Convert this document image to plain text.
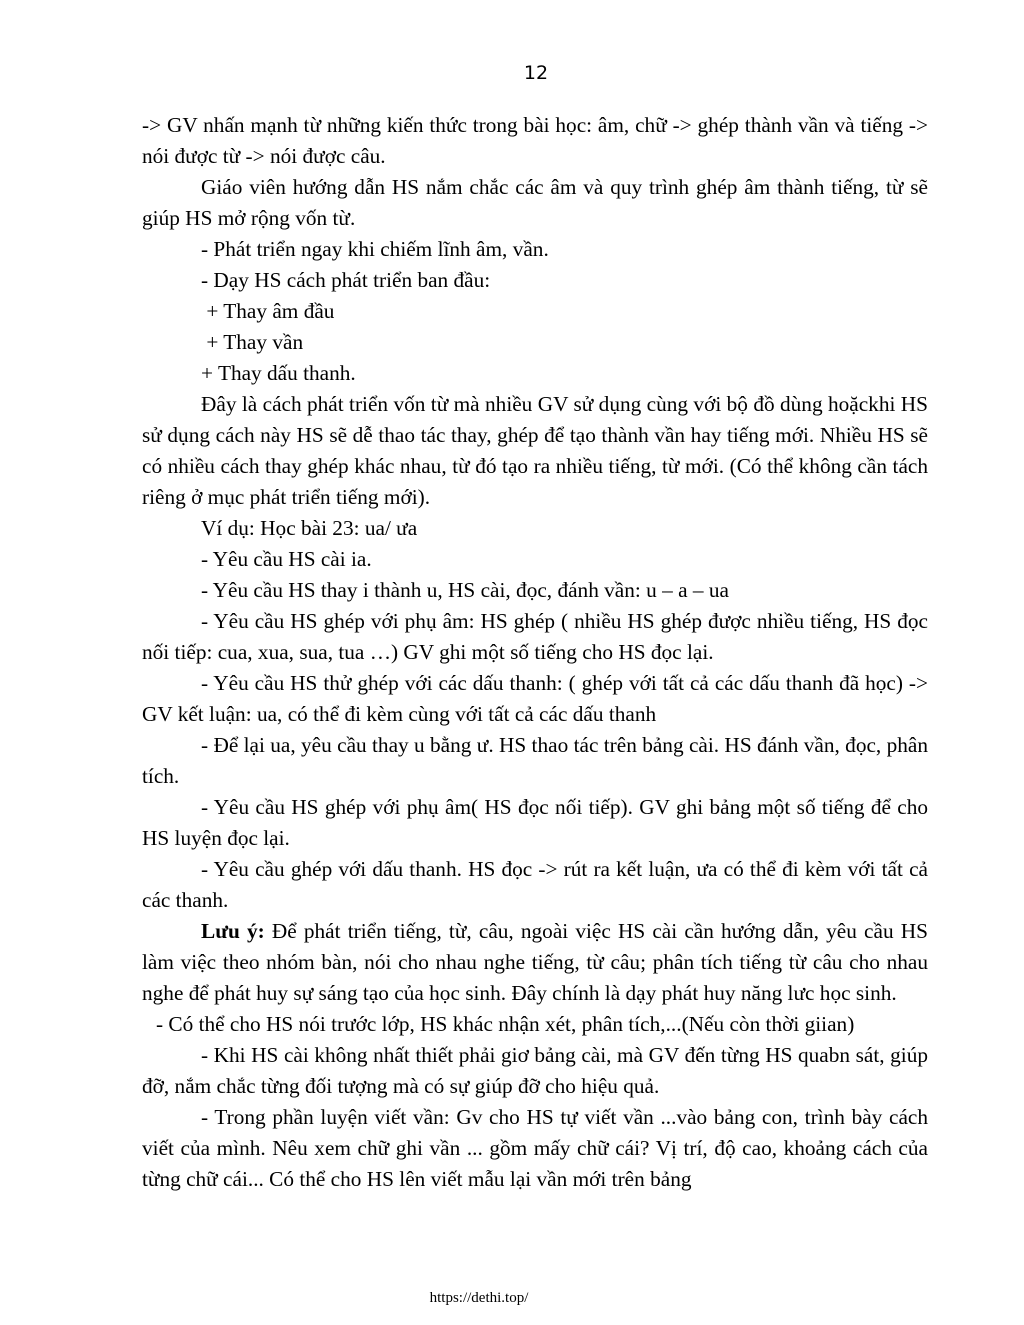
12

-> GV nhấn mạnh từ những kiến thức trong bài học: âm, chữ -> ghép thành vần và tiếng -> nói được từ -> nói được câu.

Giáo viên hướng dẫn HS nắm chắc các âm và quy trình ghép âm thành tiếng, từ sẽ giúp HS mở rộng vốn từ.

- Phát triển ngay khi chiếm lĩnh âm, vần.

- Dạy HS cách phát triển ban đầu:

+ Thay âm đầu

+ Thay vần

+ Thay dấu thanh.

Đây là cách phát triển vốn từ mà nhiều GV sử dụng cùng với bộ đồ dùng hoặckhi HS sử dụng cách này HS sẽ dễ thao tác thay, ghép để tạo thành vần hay tiếng mới. Nhiều HS sẽ có nhiều cách thay ghép khác nhau, từ đó tạo ra nhiều tiếng, từ mới. (Có thể không cần tách riêng ở mục phát triển tiếng mới).

Ví dụ: Học bài 23: ua/ ưa

- Yêu cầu HS cài ia.

- Yêu cầu HS thay i thành u, HS cài, đọc, đánh vần: u – a – ua

- Yêu cầu HS ghép với phụ âm: HS ghép ( nhiều HS ghép được nhiều tiếng, HS đọc nối tiếp: cua, xua, sua, tua …) GV ghi một số tiếng cho HS đọc lại.

- Yêu cầu HS thử ghép với các dấu thanh: ( ghép với tất cả các dấu thanh đã học) -> GV kết luận: ua, có thể đi kèm cùng với tất cả các dấu thanh

- Để lại ua, yêu cầu thay u bằng ư. HS thao tác trên bảng cài. HS đánh vần, đọc, phân tích.

- Yêu cầu HS ghép với phụ âm( HS đọc nối tiếp). GV ghi bảng một số tiếng để cho HS luyện đọc lại.

- Yêu cầu ghép với dấu thanh. HS đọc -> rút ra kết luận, ưa có thể đi kèm với tất cả các thanh.

Lưu ý: Để phát triển tiếng, từ, câu, ngoài việc HS cài cần hướng dẫn, yêu cầu HS làm việc theo nhóm bàn, nói cho nhau nghe tiếng, từ câu; phân tích tiếng từ câu cho nhau nghe để phát huy sự sáng tạo của học sinh. Đây chính là dạy phát huy năng lưc học sinh.

- Có thể cho HS nói trước lớp, HS khác nhận xét, phân tích,...(Nếu còn thời giian)

- Khi HS cài không nhất thiết phải giơ bảng cài, mà GV đến từng HS quabn sát, giúp đỡ, nắm chắc từng đối tượng mà có sự giúp đỡ cho hiệu quả.

- Trong phần luyện viết vần: Gv cho HS tự viết vần ...vào bảng con, trình bày cách viết của mình. Nêu xem chữ ghi vần ... gồm mấy chữ cái? Vị trí, độ cao, khoảng cách của từng chữ cái... Có thể cho HS lên viết mẫu lại vần mới trên bảng

https://dethi.top/
